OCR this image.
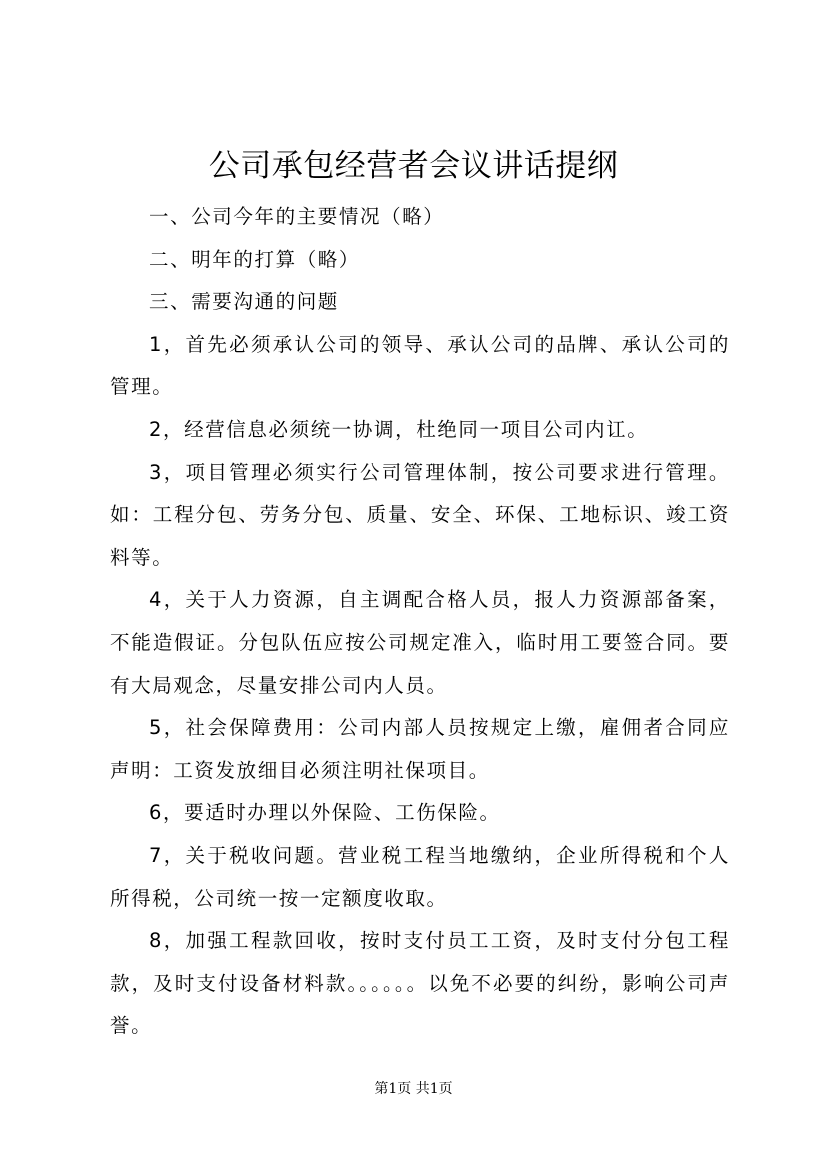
公司承包经营者会议讲话提纲

一、公司今年的主要情况（略）

二、明年的打算（略）

三、需要沟通的问题

1，首先必须承认公司的领导、承认公司的品牌、承认公司的管理。

2，经营信息必须统一协调，杜绝同一项目公司内讧。

3，项目管理必须实行公司管理体制，按公司要求进行管理。如：工程分包、劳务分包、质量、安全、环保、工地标识、竣工资料等。

4，关于人力资源，自主调配合格人员，报人力资源部备案，不能造假证。分包队伍应按公司规定准入，临时用工要签合同。要有大局观念，尽量安排公司内人员。

5，社会保障费用：公司内部人员按规定上缴，雇佣者合同应声明：工资发放细目必须注明社保项目。

6，要适时办理以外保险、工伤保险。

7，关于税收问题。营业税工程当地缴纳，企业所得税和个人所得税，公司统一按一定额度收取。

8，加强工程款回收，按时支付员工工资，及时支付分包工程款，及时支付设备材料款。。。。。。以免不必要的纠纷，影响公司声誉。

第1页 共1页
